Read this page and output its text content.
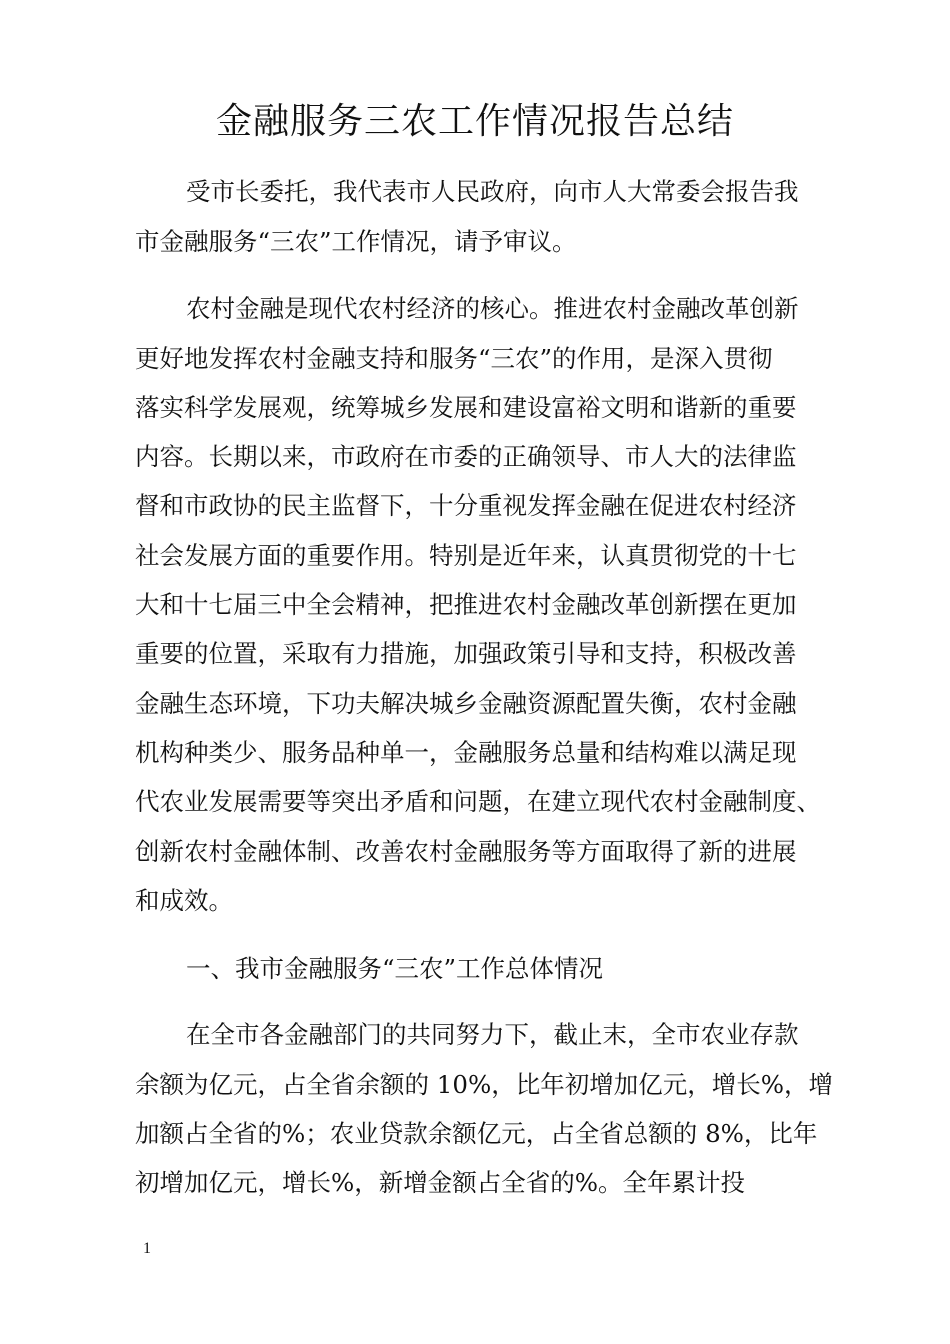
金融服务三农工作情况报告总结
受市长委托，我代表市人民政府，向市人大常委会报告我
市金融服务“三农”工作情况，请予审议。
农村金融是现代农村经济的核心。推进农村金融改革创新
更好地发挥农村金融支持和服务“三农”的作用，是深入贯彻
落实科学发展观，统筹城乡发展和建设富裕文明和谐新的重要
内容。长期以来，市政府在市委的正确领导、市人大的法律监
督和市政协的民主监督下，十分重视发挥金融在促进农村经济
社会发展方面的重要作用。特别是近年来，认真贯彻党的十七
大和十七届三中全会精神，把推进农村金融改革创新摆在更加
重要的位置，采取有力措施，加强政策引导和支持，积极改善
金融生态环境，下功夫解决城乡金融资源配置失衡，农村金融
机构种类少、服务品种单一，金融服务总量和结构难以满足现
代农业发展需要等突出矛盾和问题，在建立现代农村金融制度、
创新农村金融体制、改善农村金融服务等方面取得了新的进展
和成效。
一、我市金融服务“三农”工作总体情况
在全市各金融部门的共同努力下，截止末，全市农业存款
余额为亿元，占全省余额的 10%，比年初增加亿元，增长%，增
加额占全省的%；农业贷款余额亿元，占全省总额的 8%，比年
初增加亿元，增长%，新增金额占全省的%。全年累计投
1
